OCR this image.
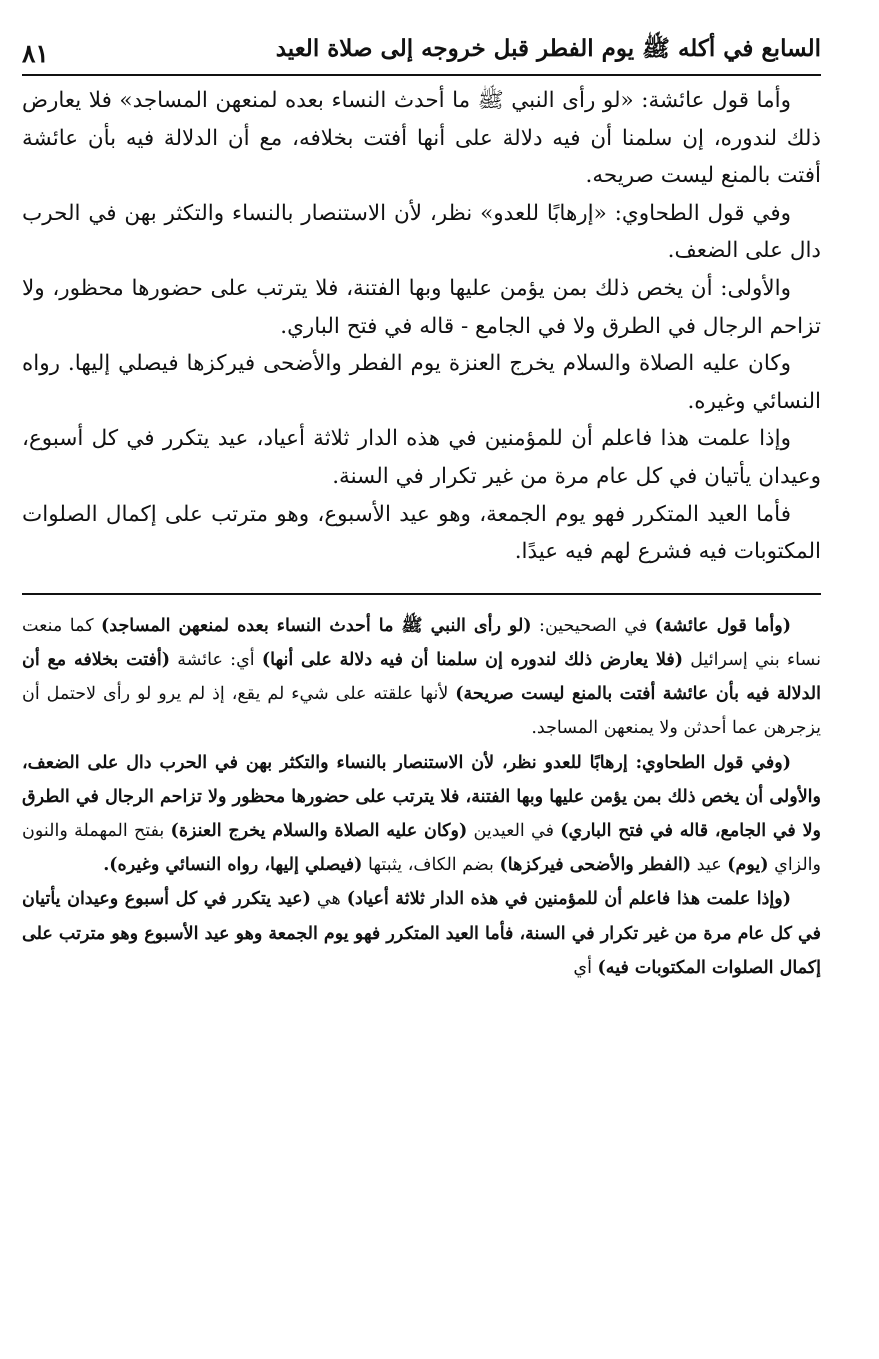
السابع في أكله ﷺ يوم الفطر قبل خروجه إلى صلاة العيد
٨١

وأما قول عائشة: «لو رأى النبي ﷺ ما أحدث النساء بعده لمنعهن المساجد» فلا يعارض ذلك لندوره، إن سلمنا أن فيه دلالة على أنها أفتت بخلافه، مع أن الدلالة فيه بأن عائشة أفتت بالمنع ليست صريحه.

وفي قول الطحاوي: «إرهابًا للعدو» نظر، لأن الاستنصار بالنساء والتكثر بهن في الحرب دال على الضعف.

والأولى: أن يخص ذلك بمن يؤمن عليها وبها الفتنة، فلا يترتب على حضورها محظور، ولا تزاحم الرجال في الطرق ولا في الجامع - قاله في فتح الباري.

وكان عليه الصلاة والسلام يخرج العنزة يوم الفطر والأضحى فيركزها فيصلي إليها. رواه النسائي وغيره.

وإذا علمت هذا فاعلم أن للمؤمنين في هذه الدار ثلاثة أعياد، عيد يتكرر في كل أسبوع، وعيدان يأتيان في كل عام مرة من غير تكرار في السنة.

فأما العيد المتكرر فهو يوم الجمعة، وهو عيد الأسبوع، وهو مترتب على إكمال الصلوات المكتوبات فيه فشرع لهم فيه عيدًا.

(وأما قول عائشة) في الصحيحين: (لو رأى النبي ﷺ ما أحدث النساء بعده لمنعهن المساجد) كما منعت نساء بني إسرائيل (فلا يعارض ذلك لندوره إن سلمنا أن فيه دلالة على أنها) أي: عائشة (أفتت بخلافه مع أن الدلالة فيه بأن عائشة أفتت بالمنع ليست صريحة) لأنها علقته على شيء لم يقع، إذ لم يرو لو رأى لاحتمل أن يزجرهن عما أحدثن ولا يمنعهن المساجد.

(وفي قول الطحاوي: إرهابًا للعدو نظر، لأن الاستنصار بالنساء والتكثر بهن في الحرب دال على الضعف، والأولى أن يخص ذلك بمن يؤمن عليها وبها الفتنة، فلا يترتب على حضورها محظور ولا تزاحم الرجال في الطرق ولا في الجامع، قاله في فتح الباري) في العيدين (وكان عليه الصلاة والسلام يخرج العنزة) بفتح المهملة والنون والزاي (يوم) عيد (الفطر والأضحى فيركزها) بضم الكاف، يثبتها (فيصلي إليها، رواه النسائي وغيره).

(وإذا علمت هذا فاعلم أن للمؤمنين في هذه الدار ثلاثة أعياد) هي (عيد يتكرر في كل أسبوع وعيدان يأتيان في كل عام مرة من غير تكرار في السنة، فأما العيد المتكرر فهو يوم الجمعة وهو عيد الأسبوع وهو مترتب على إكمال الصلوات المكتوبات فيه) أي
